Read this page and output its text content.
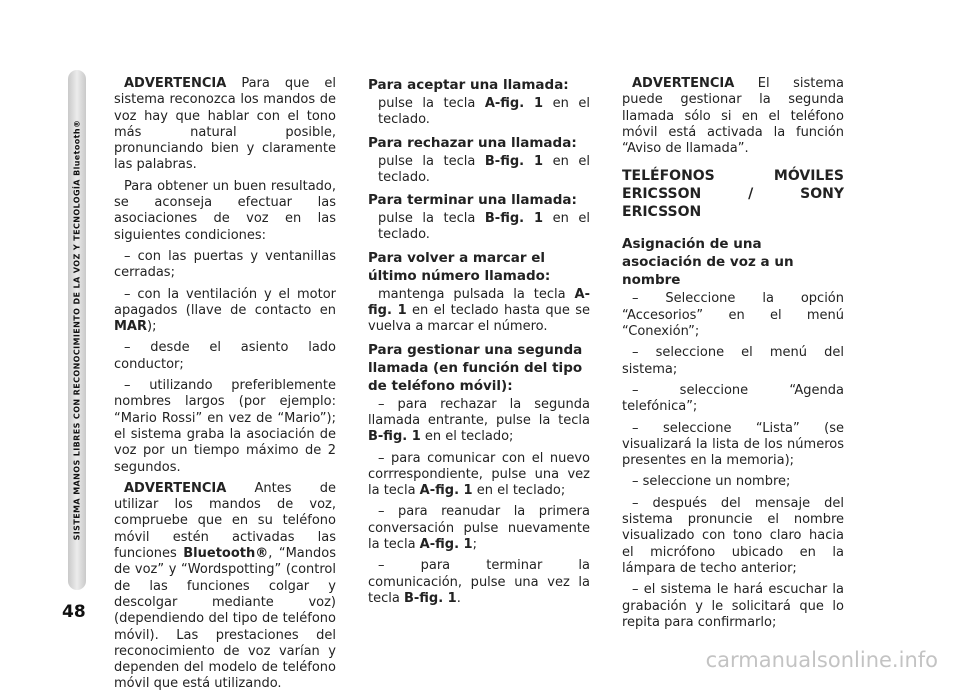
SISTEMA MANOS LIBRES CON RECONOCIMIENTO DE LA VOZ Y TECNOLOGÍA Bluetooth®
48

ADVERTENCIA Para que el sistema reconozca los mandos de voz hay que hablar con el tono más natural posible, pronunciando bien y claramente las palabras.

Para obtener un buen resultado, se aconseja efectuar las asociaciones de voz en las siguientes condiciones:

– con las puertas y ventanillas cerradas;

– con la ventilación y el motor apagados (llave de contacto en MAR);

– desde el asiento lado conductor;

– utilizando preferiblemente nombres largos (por ejemplo: “Mario Rossi” en vez de “Mario”); el sistema graba la asociación de voz por un tiempo máximo de 2 segundos.

ADVERTENCIA Antes de utilizar los mandos de voz, compruebe que en su teléfono móvil estén activadas las funciones Bluetooth®, “Mandos de voz” y “Wordspotting” (control de las funciones colgar y descolgar mediante voz) (dependiendo del tipo de teléfono móvil). Las prestaciones del reconocimiento de voz varían y dependen del modelo de teléfono móvil que está utilizando.

Para aceptar una llamada:

pulse la tecla A-fig. 1 en el teclado.

Para rechazar una llamada:

pulse la tecla B-fig. 1 en el teclado.

Para terminar una llamada:

pulse la tecla B-fig. 1 en el teclado.

Para volver a marcar el último número llamado:

mantenga pulsada la tecla A-fig. 1 en el teclado hasta que se vuelva a marcar el número.

Para gestionar una segunda llamada (en función del tipo de teléfono móvil):

– para rechazar la segunda llamada entrante, pulse la tecla B-fig. 1 en el teclado;

– para comunicar con el nuevo corrrespondiente, pulse una vez la tecla A-fig. 1 en el teclado;

– para reanudar la primera conversación pulse nuevamente la tecla A-fig. 1;

– para terminar la comunicación, pulse una vez la tecla B-fig. 1.

ADVERTENCIA El sistema puede gestionar la segunda llamada sólo si en el teléfono móvil está activada la función “Aviso de llamada”.

TELÉFONOS MÓVILES ERICSSON / SONY ERICSSON
Asignación de una asociación de voz a un nombre

– Seleccione la opción “Accesorios” en el menú “Conexión”;

– seleccione el menú del sistema;

– seleccione “Agenda telefónica”;

– seleccione “Lista” (se visualizará la lista de los números presentes en la memoria);

– seleccione un nombre;

– después del mensaje del sistema pronuncie el nombre visualizado con tono claro hacia el micrófono ubicado en la lámpara de techo anterior;

– el sistema le hará escuchar la grabación y le solicitará que lo repita para confirmarlo;

carmanualsonline.info
